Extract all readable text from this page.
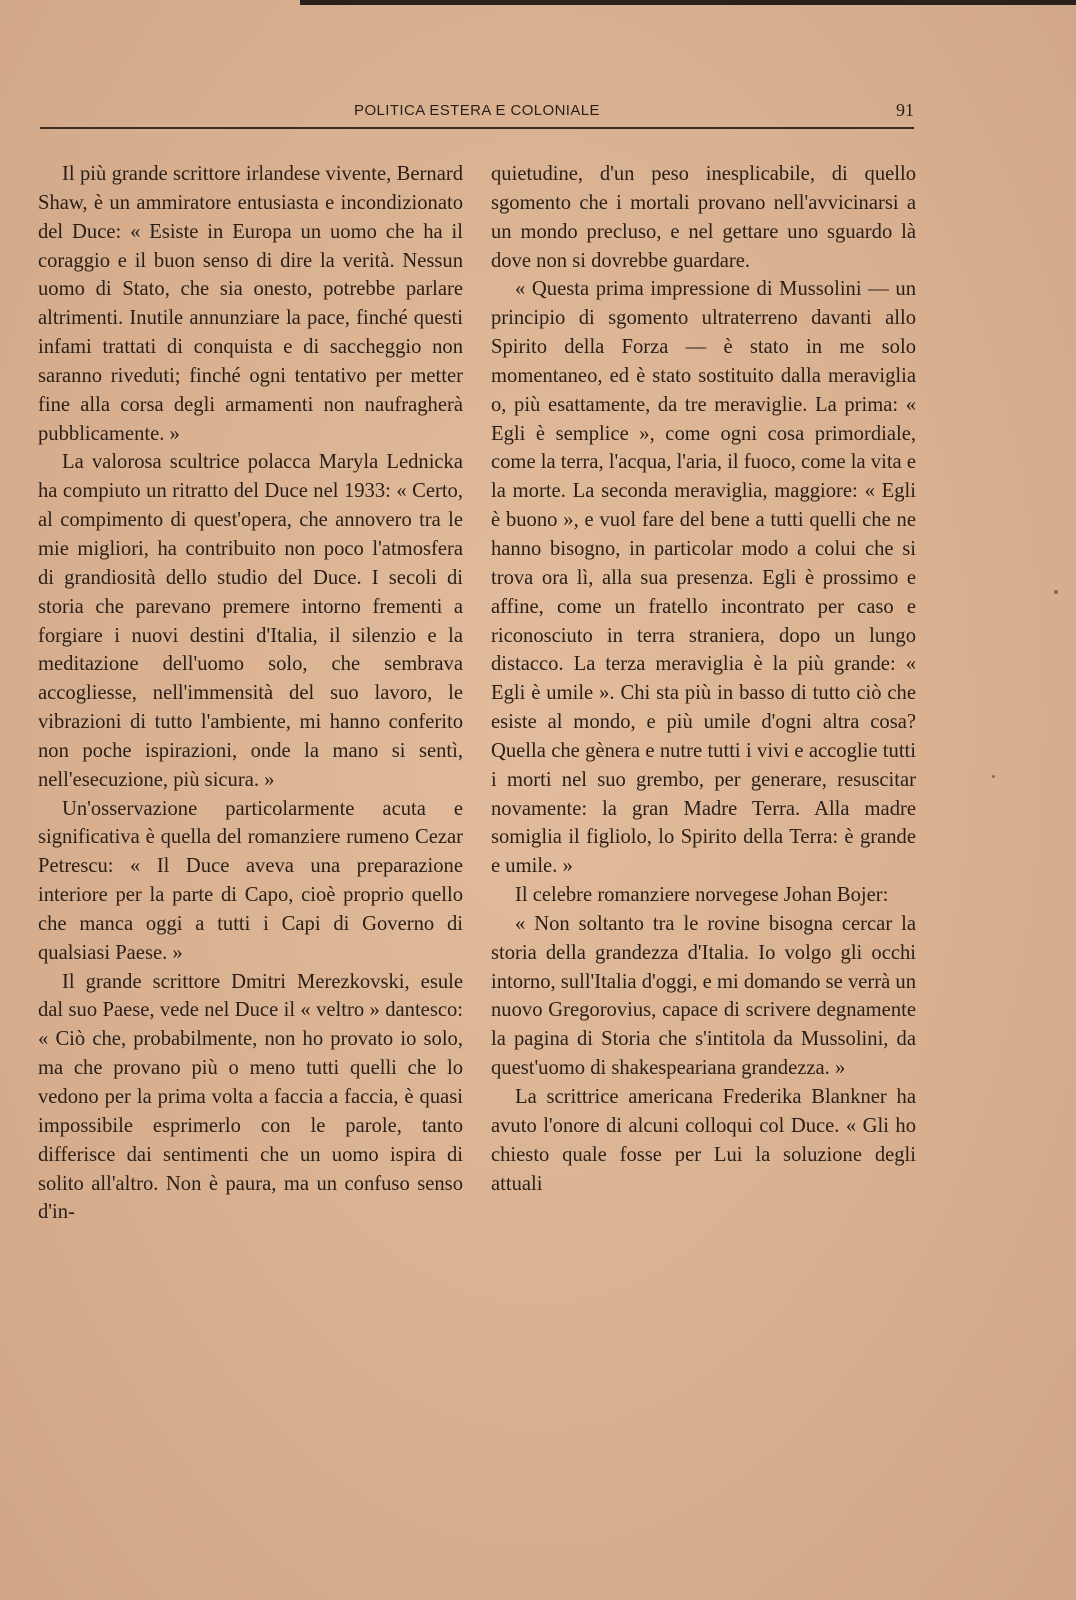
POLITICA ESTERA E COLONIALE	91

Il più grande scrittore irlandese vivente, Bernard Shaw, è un ammiratore entusiasta e incondizionato del Duce: « Esiste in Europa un uomo che ha il coraggio e il buon senso di dire la verità. Nessun uomo di Stato, che sia onesto, potrebbe parlare altrimenti. Inutile annunziare la pace, finché questi infami trattati di conquista e di saccheggio non saranno riveduti; finché ogni tentativo per metter fine alla corsa degli armamenti non naufragherà pubblicamente. »

La valorosa scultrice polacca Maryla Lednicka ha compiuto un ritratto del Duce nel 1933: « Certo, al compimento di quest'opera, che annovero tra le mie migliori, ha contribuito non poco l'atmosfera di grandiosità dello studio del Duce. I secoli di storia che parevano premere intorno frementi a forgiare i nuovi destini d'Italia, il silenzio e la meditazione dell'uomo solo, che sembrava accogliesse, nell'immensità del suo lavoro, le vibrazioni di tutto l'ambiente, mi hanno conferito non poche ispirazioni, onde la mano si sentì, nell'esecuzione, più sicura. »

Un'osservazione particolarmente acuta e significativa è quella del romanziere rumeno Cezar Petrescu: « Il Duce aveva una preparazione interiore per la parte di Capo, cioè proprio quello che manca oggi a tutti i Capi di Governo di qualsiasi Paese. »

Il grande scrittore Dmitri Merezkovski, esule dal suo Paese, vede nel Duce il « veltro » dantesco: « Ciò che, probabilmente, non ho provato io solo, ma che provano più o meno tutti quelli che lo vedono per la prima volta a faccia a faccia, è quasi impossibile esprimerlo con le parole, tanto differisce dai sentimenti che un uomo ispira di solito all'altro. Non è paura, ma un confuso senso d'in-

quietudine, d'un peso inesplicabile, di quello sgomento che i mortali provano nell'avvicinarsi a un mondo precluso, e nel gettare uno sguardo là dove non si dovrebbe guardare.

« Questa prima impressione di Mussolini — un principio di sgomento ultraterreno davanti allo Spirito della Forza — è stato in me solo momentaneo, ed è stato sostituito dalla meraviglia o, più esattamente, da tre meraviglie. La prima: « Egli è semplice », come ogni cosa primordiale, come la terra, l'acqua, l'aria, il fuoco, come la vita e la morte. La seconda meraviglia, maggiore: « Egli è buono », e vuol fare del bene a tutti quelli che ne hanno bisogno, in particolar modo a colui che si trova ora lì, alla sua presenza. Egli è prossimo e affine, come un fratello incontrato per caso e riconosciuto in terra straniera, dopo un lungo distacco. La terza meraviglia è la più grande: « Egli è umile ». Chi sta più in basso di tutto ciò che esiste al mondo, e più umile d'ogni altra cosa? Quella che gènera e nutre tutti i vivi e accoglie tutti i morti nel suo grembo, per generare, resuscitar novamente: la gran Madre Terra. Alla madre somiglia il figliolo, lo Spirito della Terra: è grande e umile. »

Il celebre romanziere norvegese Johan Bojer:

« Non soltanto tra le rovine bisogna cercar la storia della grandezza d'Italia. Io volgo gli occhi intorno, sull'Italia d'oggi, e mi domando se verrà un nuovo Gregorovius, capace di scrivere degnamente la pagina di Storia che s'intitola da Mussolini, da quest'uomo di shakespeariana grandezza. »

La scrittrice americana Frederika Blankner ha avuto l'onore di alcuni colloqui col Duce. « Gli ho chiesto quale fosse per Lui la soluzione degli attuali
